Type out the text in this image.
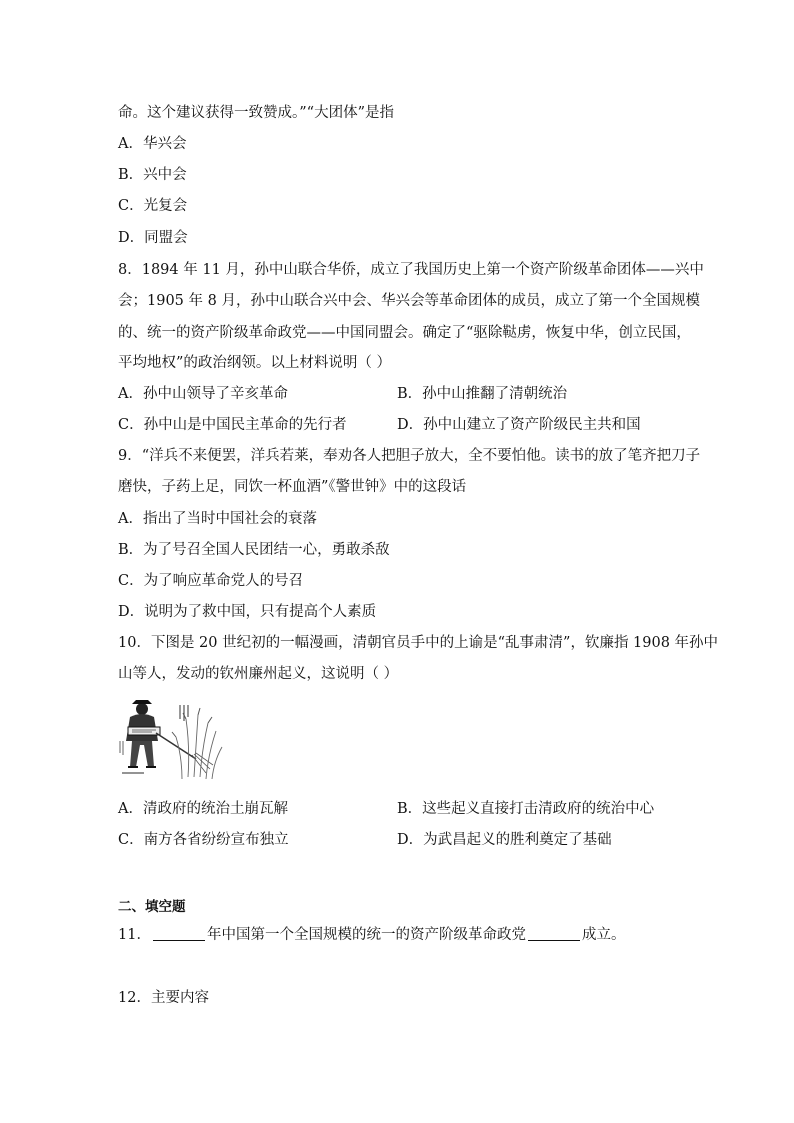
命。这个建议获得一致赞成。”“大团体”是指
A．华兴会
B．兴中会
C．光复会
D．同盟会
8．1894 年 11 月，孙中山联合华侨，成立了我国历史上第一个资产阶级革命团体——兴中
会；1905 年 8 月，孙中山联合兴中会、华兴会等革命团体的成员，成立了第一个全国规模
的、统一的资产阶级革命政党——中国同盟会。确定了“驱除鞑虏，恢复中华，创立民国，
平均地权”的政治纲领。以上材料说明（ ）
A．孙中山领导了辛亥革命	B．孙中山推翻了清朝统治
C．孙中山是中国民主革命的先行者	D．孙中山建立了资产阶级民主共和国
9．“洋兵不来便罢，洋兵若莱，奉劝各人把胆子放大，全不要怕他。读书的放了笔齐把刀子
磨快，子药上足，同饮一杯血酒”《警世钟》中的这段话
A．指出了当时中国社会的衰落
B．为了号召全国人民团结一心，勇敢杀敌
C．为了响应革命党人的号召
D．说明为了救中国，只有提高个人素质
10．下图是 20 世纪初的一幅漫画，清朝官员手中的上谕是“乱事肃清”，钦廉指 1908 年孙中
山等人，发动的钦州廉州起义，这说明（ ）
A．清政府的统治土崩瓦解	B．这些起义直接打击清政府的统治中心
C．南方各省纷纷宣布独立	D．为武昌起义的胜利奠定了基础
二、填空题
11．	年中国第一个全国规模的统一的资产阶级革命政党	成立。
12．主要内容
